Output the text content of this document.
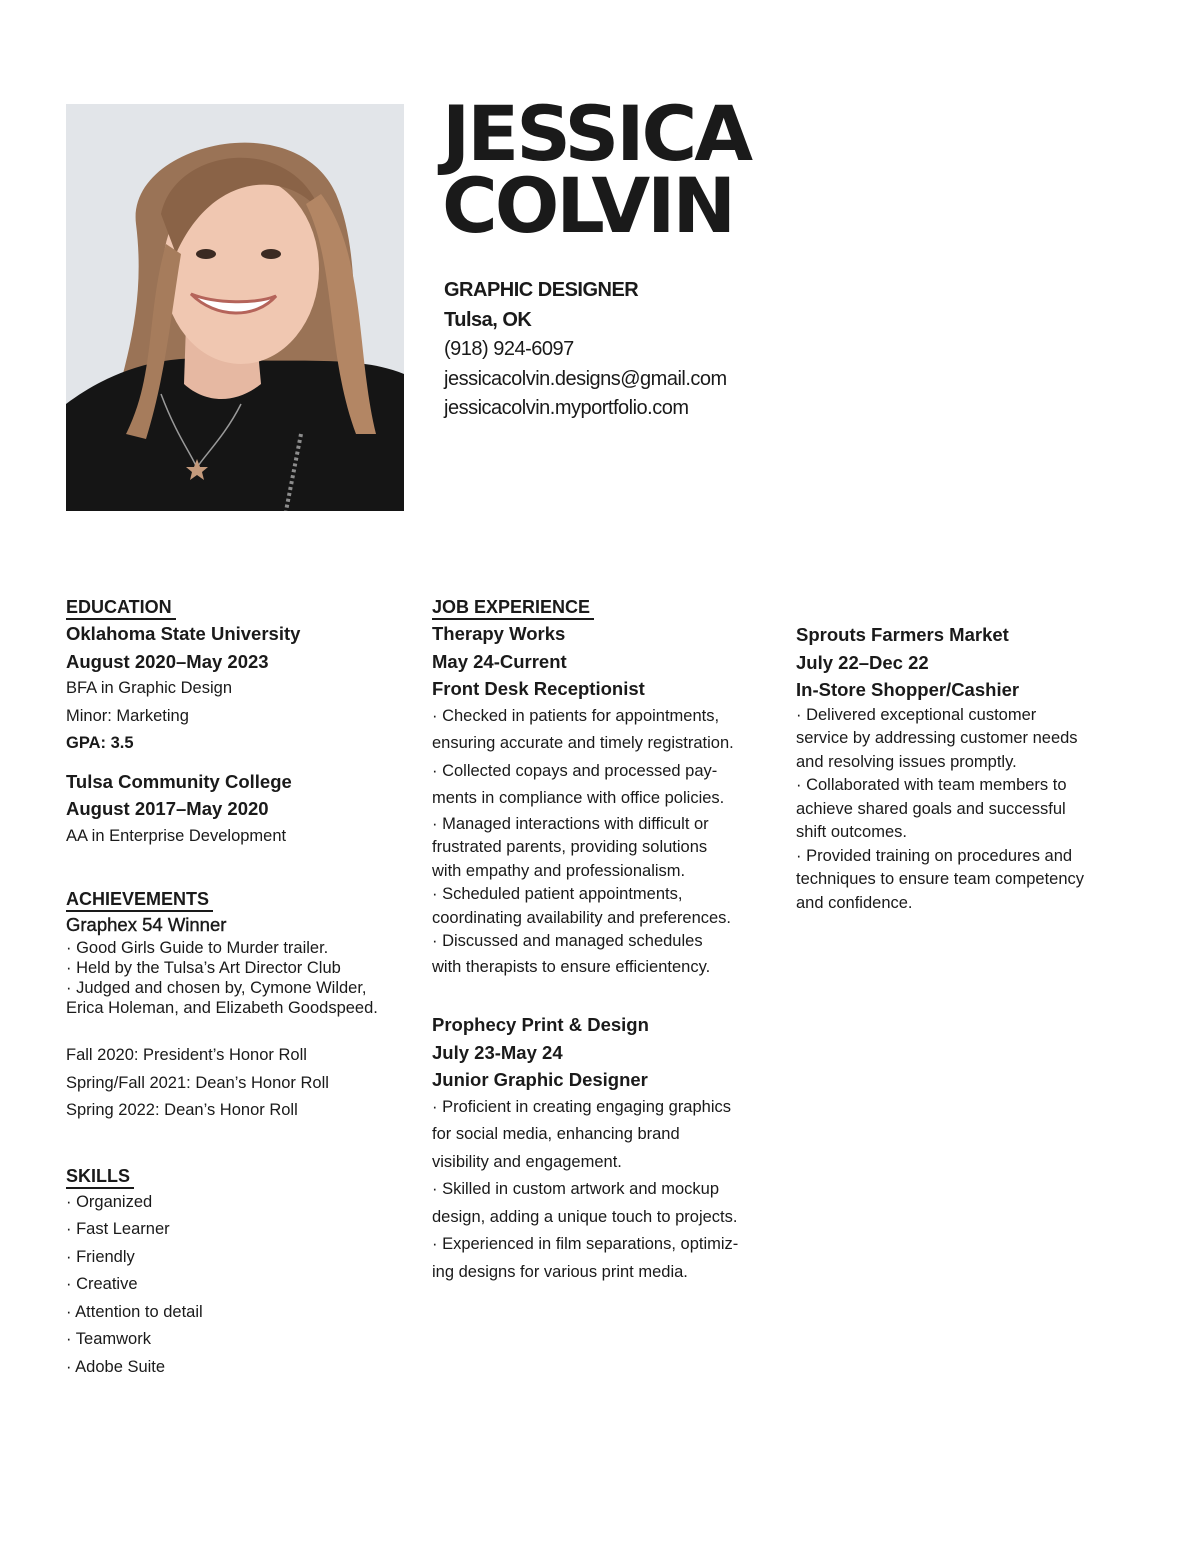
JESSICA
COLVIN
GRAPHIC DESIGNER
Tulsa, OK
(918) 924-6097
jessicacolvin.designs@gmail.com
jessicacolvin.myportfolio.com
EDUCATION
Oklahoma State University
August 2020–May 2023
BFA in Graphic Design
Minor: Marketing
GPA: 3.5
Tulsa Community College
August 2017–May 2020
AA in Enterprise Development
ACHIEVEMENTS
Graphex 54 Winner
· Good Girls Guide to Murder trailer.
· Held by the Tulsa’s Art Director Club
· Judged and chosen by, Cymone Wilder,
Erica Holeman, and Elizabeth Goodspeed.
Fall 2020: President’s Honor Roll
Spring/Fall 2021: Dean’s Honor Roll
Spring 2022: Dean’s Honor Roll
SKILLS
· Organized
· Fast Learner
· Friendly
· Creative
· Attention to detail
· Teamwork
· Adobe Suite
JOB EXPERIENCE
Therapy Works
May 24-Current
Front Desk Receptionist
· Checked in patients for appointments,
ensuring accurate and timely registration.
· Collected copays and processed pay-
ments in compliance with office policies.
· Managed interactions with difficult or
frustrated parents, providing solutions
with empathy and professionalism.
· Scheduled patient appointments,
coordinating availability and preferences.
· Discussed and managed schedules
with therapists to ensure efficientency.
Prophecy Print & Design
July 23-May 24
Junior Graphic Designer
· Proficient in creating engaging graphics
for social media, enhancing brand
visibility and engagement.
· Skilled in custom artwork and mockup
design, adding a unique touch to projects.
· Experienced in film separations, optimiz-
ing designs for various print media.
Sprouts Farmers Market
July 22–Dec 22
In-Store Shopper/Cashier
· Delivered exceptional customer
service by addressing customer needs
and resolving issues promptly.
· Collaborated with team members to
achieve shared goals and successful
shift outcomes.
· Provided training on procedures and
techniques to ensure team competency
and confidence.
